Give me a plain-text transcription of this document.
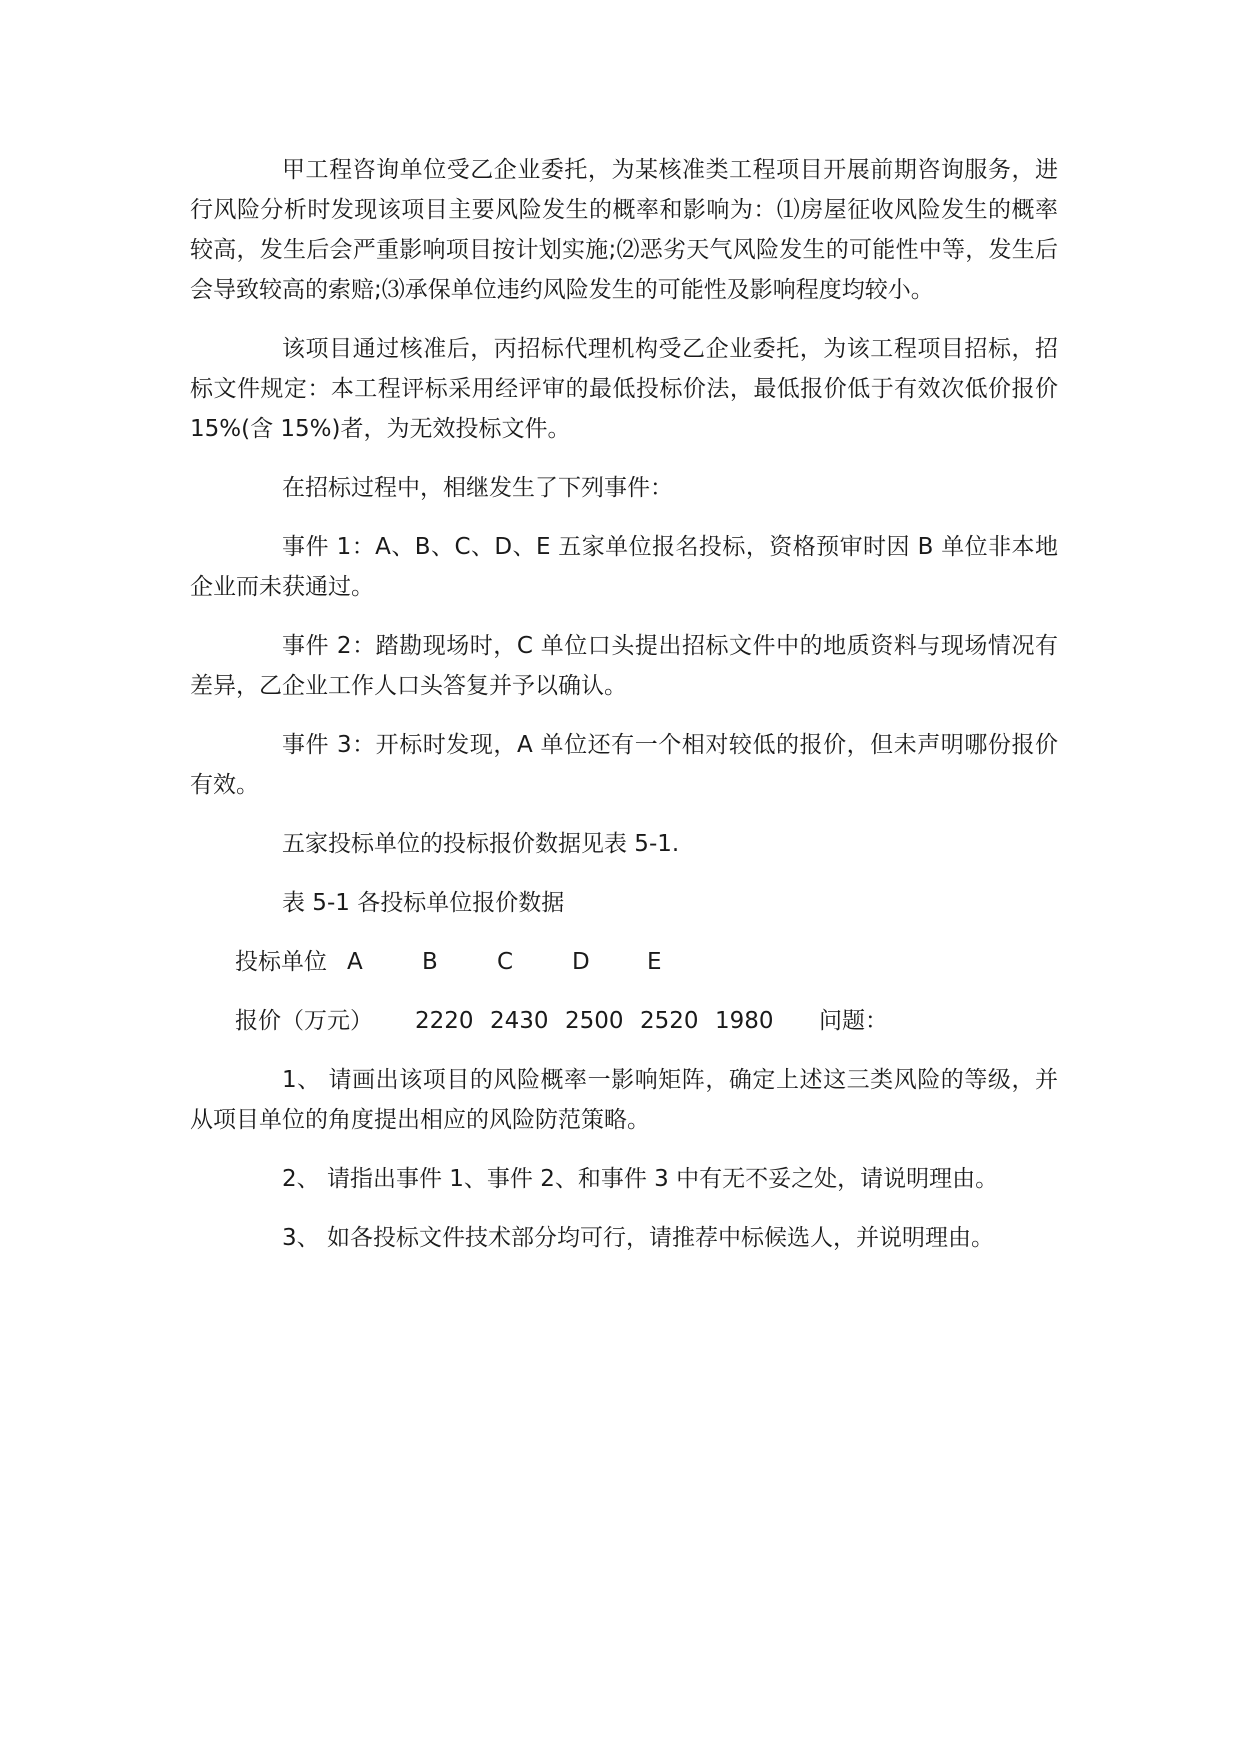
甲工程咨询单位受乙企业委托，为某核准类工程项目开展前期咨询服务，进行风险分析时发现该项目主要风险发生的概率和影响为：⑴房屋征收风险发生的概率较高，发生后会严重影响项目按计划实施;⑵恶劣天气风险发生的可能性中等，发生后会导致较高的索赔;⑶承保单位违约风险发生的可能性及影响程度均较小。

该项目通过核准后，丙招标代理机构受乙企业委托，为该工程项目招标，招标文件规定：本工程评标采用经评审的最低投标价法，最低报价低于有效次低价报价 15%(含 15%)者，为无效投标文件。

在招标过程中，相继发生了下列事件：

事件 1：A、B、C、D、E 五家单位报名投标，资格预审时因 B 单位非本地企业而未获通过。

事件 2：踏勘现场时，C 单位口头提出招标文件中的地质资料与现场情况有差异，乙企业工作人口头答复并予以确认。

事件 3：开标时发现，A 单位还有一个相对较低的报价，但未声明哪份报价有效。

五家投标单位的投标报价数据见表 5-1.

表 5-1 各投标单位报价数据

投标单位 A	B	C	D E
报价（万元） 2220 2430 2500 2520 1980 问题：

1、 请画出该项目的风险概率一影响矩阵，确定上述这三类风险的等级，并从项目单位的角度提出相应的风险防范策略。

2、 请指出事件 1、事件 2、和事件 3 中有无不妥之处，请说明理由。

3、 如各投标文件技术部分均可行，请推荐中标候选人，并说明理由。
